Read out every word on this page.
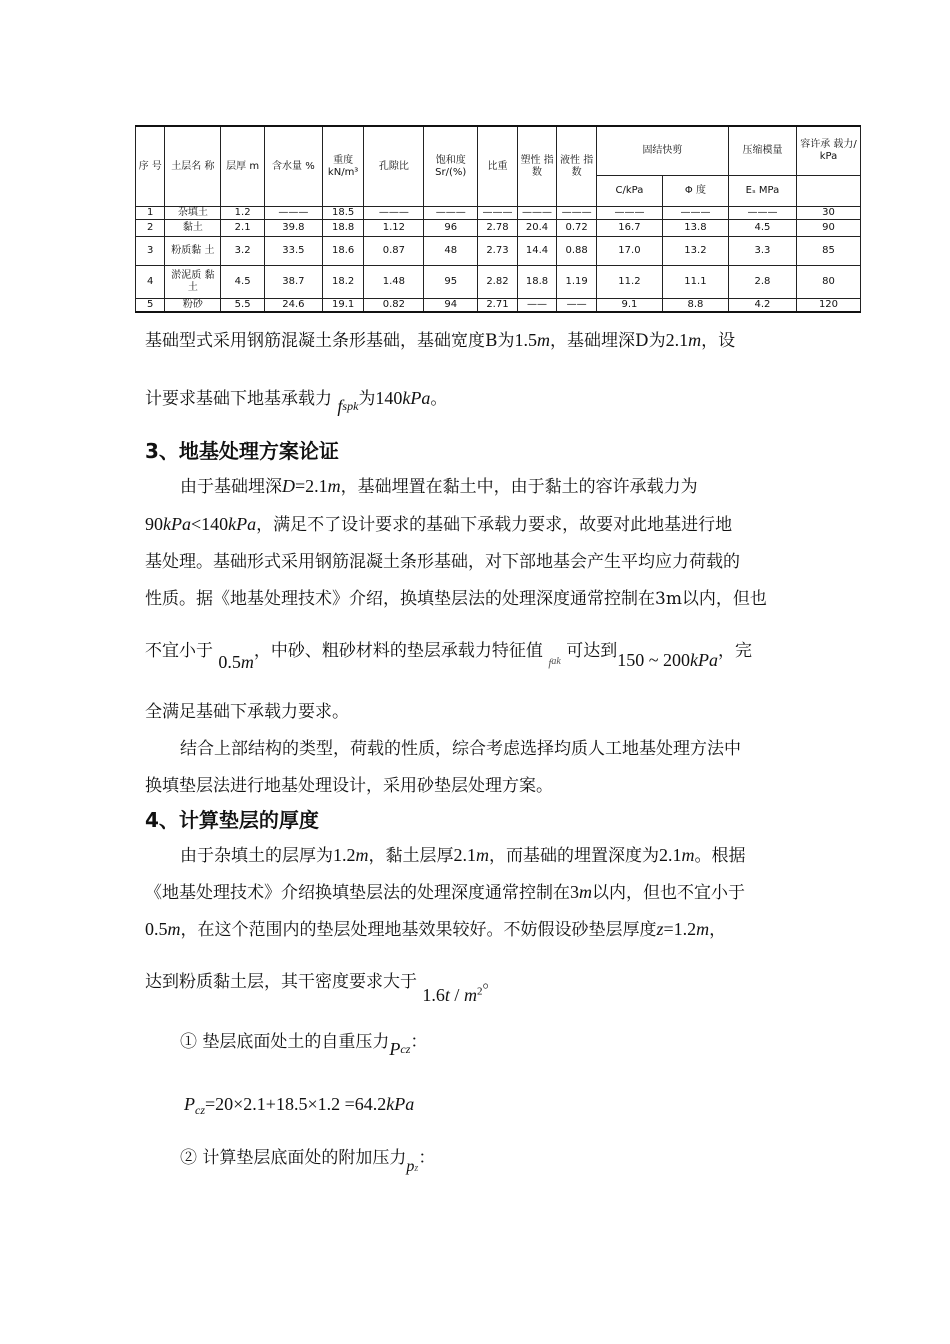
序 号	土层名 称	层厚 m	含水量 %	重度 kN/m³	孔隙比	饱和度 Sr/(%)	比重	塑性 指数	液性 指数	固结快剪		压缩模量	容许承 载力/ kPa
										C/kPa	Φ 度	Eₛ MPa	
1	杂填土	1.2	———	18.5	———	———	———	———	———	———	———	———	30
2	黏土	2.1	39.8	18.8	1.12	96	2.78	20.4	0.72	16.7	13.8	4.5	90
3	粉质黏 土	3.2	33.5	18.6	0.87	48	2.73	14.4	0.88	17.0	13.2	3.3	85
4	淤泥质 黏土	4.5	38.7	18.2	1.48	95	2.82	18.8	1.19	11.2	11.1	2.8	80
5	粉砂	5.5	24.6	19.1	0.82	94	2.71	——	——	9.1	8.8	4.2	120
基础型式采用钢筋混凝土条形基础，基础宽度B为1.5m，基础埋深D为2.1m，设
计要求基础下地基承载力 $f_{spk}$为140kPa。
3、地基处理方案论证
由于基础埋深D=2.1m，基础埋置在黏土中，由于黏土的容许承载力为
90kPa<140kPa，满足不了设计要求的基础下承载力要求，故要对此地基进行地
基处理。基础形式采用钢筋混凝土条形基础，对下部地基会产生平均应力荷载的
性质。据《地基处理技术》介绍，换填垫层法的处理深度通常控制在3m以内，但也
不宜小于 0.5m，中砂、粗砂材料的垫层承载力特征值 $_{fak}$ 可达到150 ~ 200kPa，完
全满足基础下承载力要求。
结合上部结构的类型，荷载的性质，综合考虑选择均质人工地基处理方法中
换填垫层法进行地基处理设计，采用砂垫层处理方案。
4、计算垫层的厚度
由于杂填土的层厚为1.2m，黏土层厚2.1m，而基础的埋置深度为2.1m。根据
《地基处理技术》介绍换填垫层法的处理深度通常控制在3m以内，但也不宜小于
0.5m，在这个范围内的垫层处理地基效果较好。不妨假设砂垫层厚度z=1.2m，
达到粉质黏土层，其干密度要求大于 $1.6t / m^2$。
① 垫层底面处土的自重压力$P_{cz}$：
$P_{cz}=20\times 2.1+18.5\times 1.2 =64.2kPa$
② 计算垫层底面处的附加压力$p_z$：
